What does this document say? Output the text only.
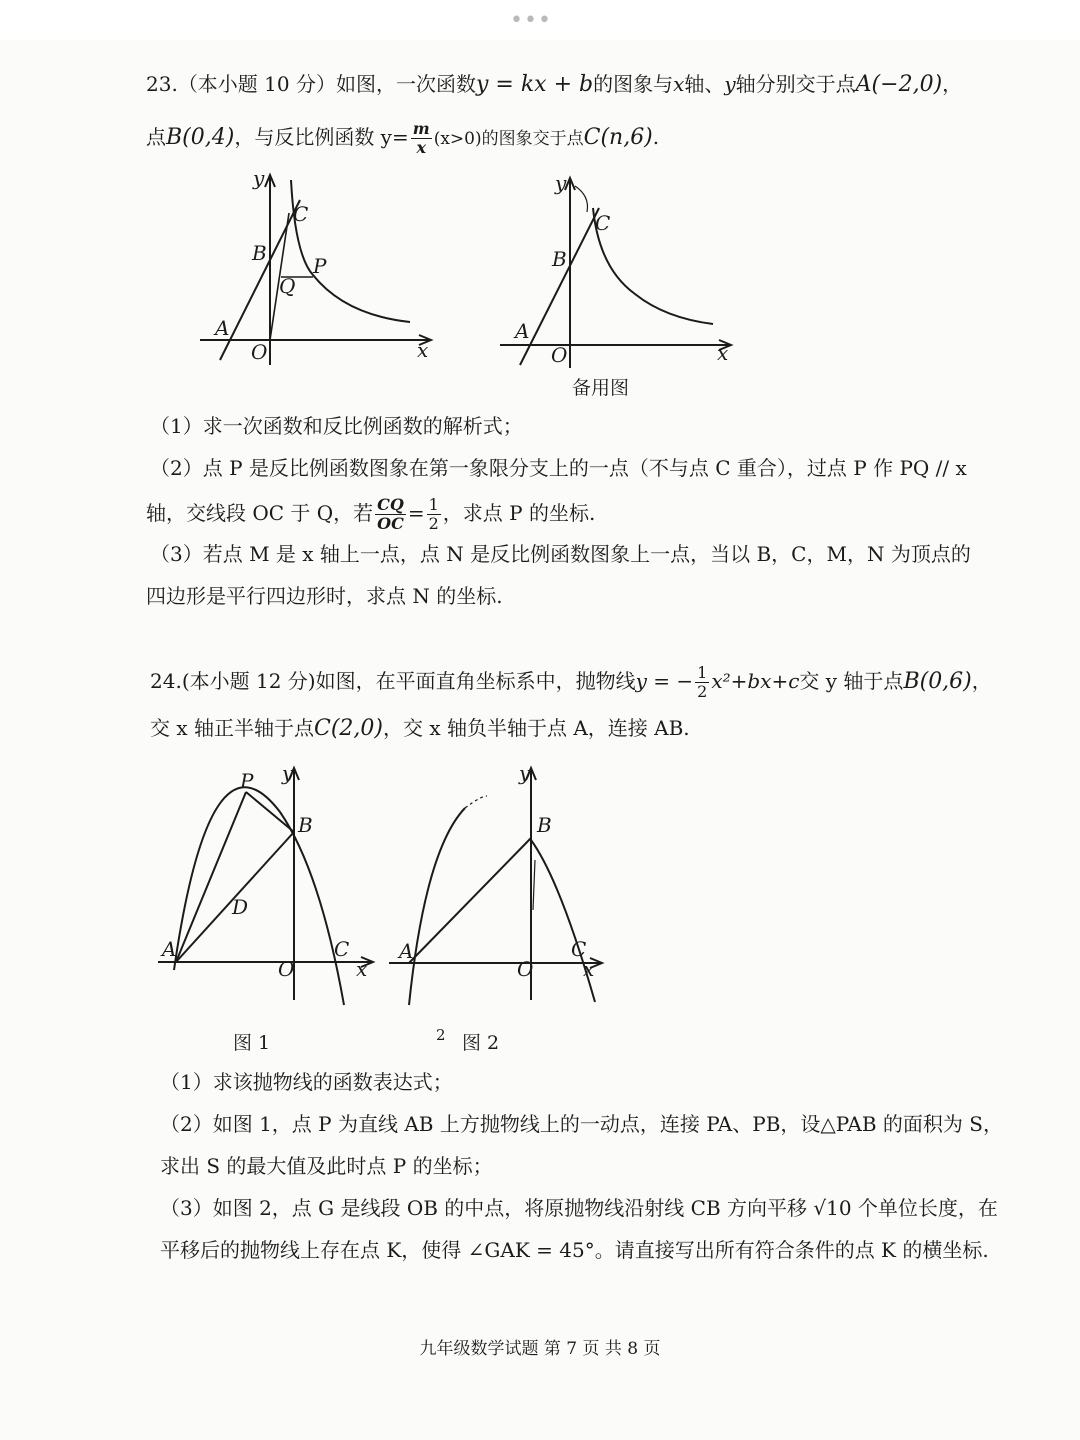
•••
23.（本小题 10 分）如图，一次函数y = kx + b的图象与x轴、y轴分别交于点A(−2,0)，
点B(0,4)，与反比例函数 $y= \frac{m}{x} (x>0)$的图象交于点C(n,6).
y
C
B
P
Q
A
O	x
y
C
B
A
O	x
备用图
（1）求一次函数和反比例函数的解析式；
（2）点 P 是反比例函数图象在第一象限分支上的一点（不与点 C 重合），过点 P 作 PQ // x
轴，交线段 OC 于 Q，若 $\frac{CQ}{OC} = \frac{1}{2}$ ，求点 P 的坐标.
（3）若点 M 是 x 轴上一点，点 N 是反比例函数图象上一点，当以 B，C，M，N 为顶点的
四边形是平行四边形时，求点 N 的坐标.
24.(本小题 12 分)如图，在平面直角坐标系中，抛物线y = − $\frac{1}{2} x^2+bx+c$交 y 轴于点B(0,6)，
交 x 轴正半轴于点C(2,0)，交 x 轴负半轴于点 A，连接 AB.
P y
B
D
A	C
O	x
y
B
A	C
O x
图 1	2 图 2
（1）求该抛物线的函数表达式；
（2）如图 1，点 P 为直线 AB 上方抛物线上的一动点，连接 PA、PB，设△PAB 的面积为 S，
求出 S 的最大值及此时点 P 的坐标；
（3）如图 2，点 G 是线段 OB 的中点，将原抛物线沿射线 CB 方向平移 √10 个单位长度，在
平移后的抛物线上存在点 K，使得 ∠GAK = 45°。请直接写出所有符合条件的点 K 的横坐标.
九年级数学试题 第 7 页 共 8 页
